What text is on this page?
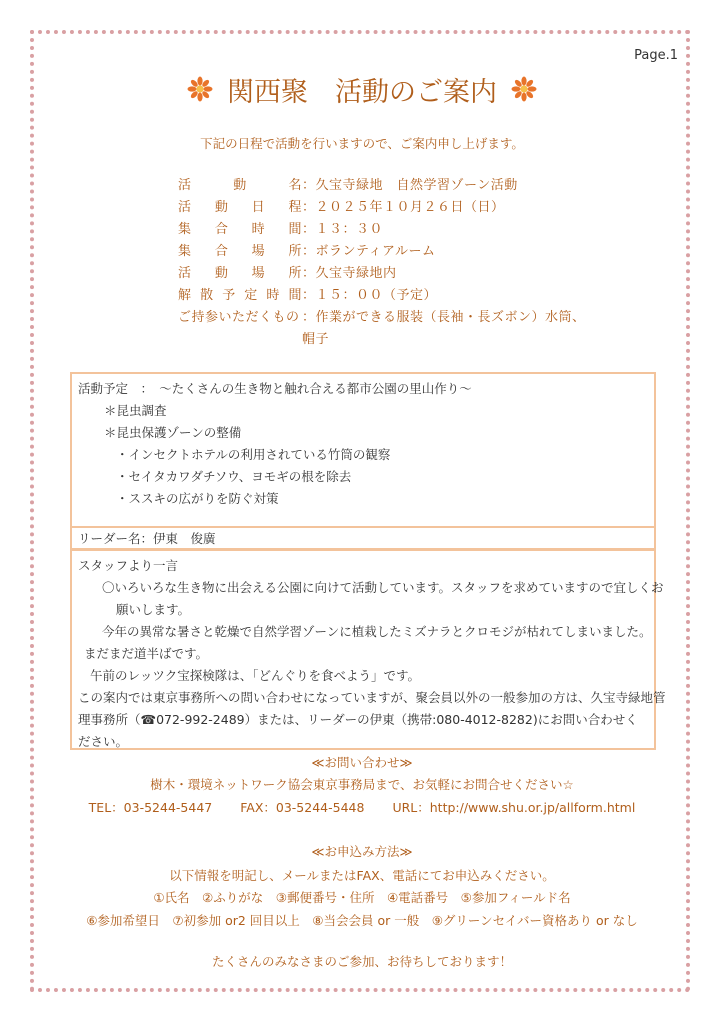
Page.1
関西聚　活動のご案内
下記の日程で活動を行いますので、ご案内申し上げます。
活	動	名 ：久宝寺緑地　自然学習ゾーン活動
活 動 日 程 ：２０２５年１０月２６日（日）
集 合 時 間 ：１３：３０
集 合 場 所 ：ボランティアルーム
活 動 場 所 ：久宝寺緑地内
解 散 予 定 時 間 ：１５：００（予定）
ご持参いただくもの ：作業ができる服装（長袖・長ズボン）水筒、
帽子
活動予定　：　～たくさんの生き物と触れ合える都市公園の里山作り～
＊昆虫調査
＊昆虫保護ゾーンの整備
・インセクトホテルの利用されている竹筒の観察
・セイタカワダチソウ、ヨモギの根を除去
・ススキの広がりを防ぐ対策
リーダー名：伊東　俊廣
スタッフより一言
〇いろいろな生き物に出会える公園に向けて活動しています。スタッフを求めていますので宜しくお
願いします。
今年の異常な暑さと乾燥で自然学習ゾーンに植栽したミズナラとクロモジが枯れてしまいました。
まだまだ道半ばです。
午前のレッツク宝探検隊は、「どんぐりを食べよう」です。
この案内では東京事務所への問い合わせになっていますが、聚会員以外の一般参加の方は、久宝寺緑地管
理事務所（☎072-992-2489）または、リーダーの伊東（携帯:080-4012-8282)にお問い合わせく
ださい。
≪お問い合わせ≫
樹木・環境ネットワーク協会東京事務局まで、お気軽にお問合せください☆
TEL：03-5244-5447 FAX：03-5244-5448 URL：http://www.shu.or.jp/allform.html
≪お申込み方法≫
以下情報を明記し、メールまたはFAX、電話にてお申込みください。
①氏名　②ふりがな　③郵便番号・住所　④電話番号　⑤参加フィールド名
⑥参加希望日　⑦初参加 or2 回目以上　⑧当会会員 or 一般　⑨グリーンセイバー資格あり or なし
たくさんのみなさまのご参加、お待ちしております！
